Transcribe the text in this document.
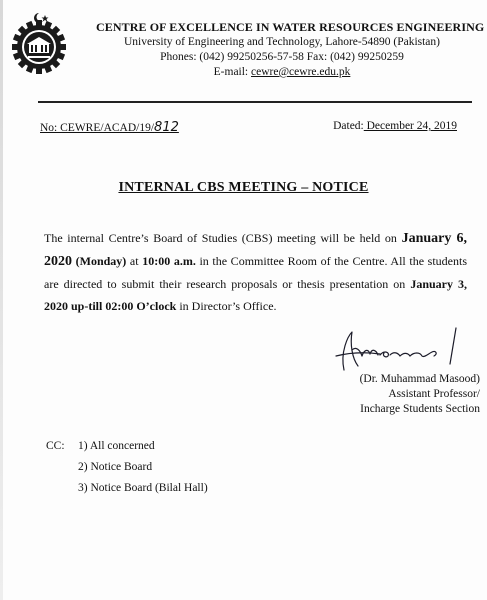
CENTRE OF EXCELLENCE IN WATER RESOURCES ENGINEERING
University of Engineering and Technology, Lahore-54890 (Pakistan)
Phones: (042) 99250256-57-58 Fax: (042) 99250259
E-mail: cewre@cewre.edu.pk
No: CEWRE/ACAD/19/812	Dated: December 24, 2019
INTERNAL CBS MEETING – NOTICE
The internal Centre’s Board of Studies (CBS) meeting will be held on January 6, 2020 (Monday) at 10:00 a.m. in the Committee Room of the Centre. All the students are directed to submit their research proposals or thesis presentation on January 3, 2020 up-till 02:00 O’clock in Director’s Office.
(Dr. Muhammad Masood)
Assistant Professor/
Incharge Students Section
CC: 1) All concerned
2) Notice Board
3) Notice Board (Bilal Hall)
